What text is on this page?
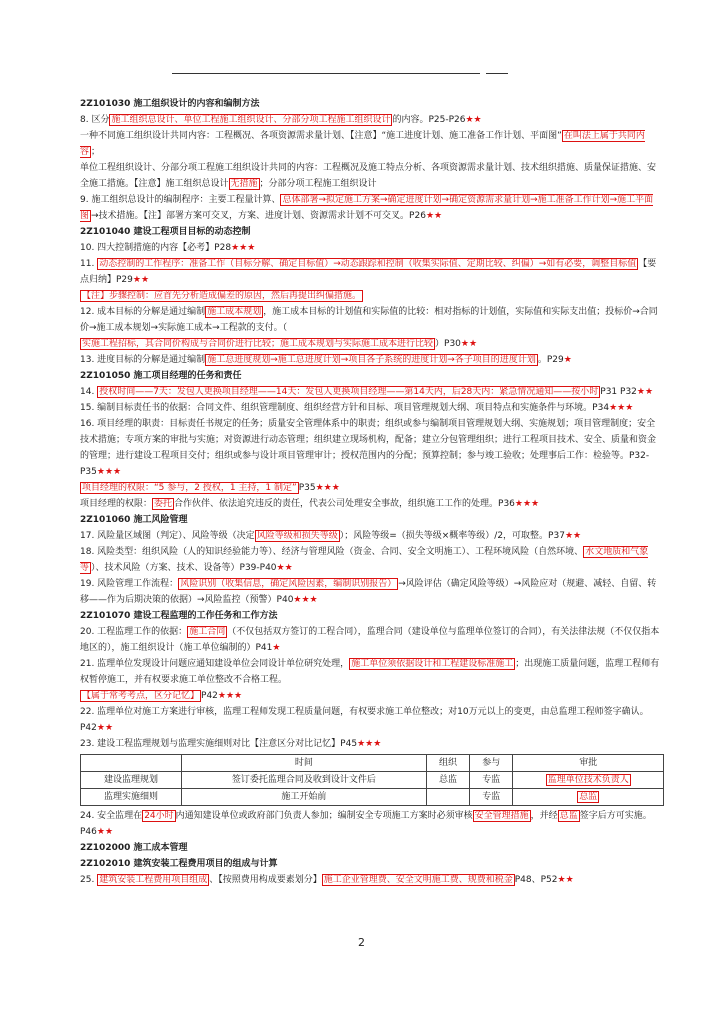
2Z101030 施工组织设计的内容和编制方法
8. 区分 施工组织总设计、单位工程施工组织设计、分部分项工程施工组织设计 的内容。P25-P26★★
一种不同施工组织设计共同内容：工程概况、各项资源需求量计划、【注意】“施工进度计划、施工准备工作计划、平面图” 在叫法上属于共同内容 ；
单位工程组织设计、分部分项工程施工组织设计共同的内容：工程概况及施工特点分析、各项资源需求量计划、技术组织措施、质量保证措施、安全施工措施。【注意】施工组织总设计 无措施 ；分部分项工程施工组织设计
9. 施工组织总设计的编制程序：主要工程量计算、 总体部署→拟定施工方案→确定进度计划→确定资源需求量计划→施工准备工作计划→施工平面图 →技术措施。【注】部署方案可交叉，方案、进度计划、资源需求计划不可交叉。P26★★
2Z101040 建设工程项目目标的动态控制
10. 四大控制措施的内容【必考】P28★★★
11. 动态控制的工作程序：准备工作（目标分解、确定目标值）→动态跟踪和控制（收集实际值、定期比较、纠偏）→如有必要，调整目标值 【要点归纳】P29★★
【注】步骤控制：应首先分析造成偏差的原因，然后再提出纠偏措施。
12. 成本目标的分解是通过编制 施工成本规划 ，施工成本目标的计划值和实际值的比较：相对指标的计划值，实际值和实际支出值；投标价→合同价→施工成本规划→实际施工成本→工程款的支付。（
实施工程招标，其合同价构成与合同价进行比较；施工成本规划与实际施工成本进行比较 ）P30★★
13. 进度目标的分解是通过编制 施工总进度规划→施工总进度计划→项目各子系统的进度计划→各子项目的进度计划 。P29★
2Z101050 施工项目经理的任务和责任
14. 授权时间——7天：发包人更换项目经理——14天：发包人更换项目经理——第14天内，后28天内：紧急情况通知——按小时 P31 P32★★
15. 编制目标责任书的依据：合同文件、组织管理制度、组织经营方针和目标、项目管理规划大纲、项目特点和实施条件与环境。P34★★★
16. 项目经理的职责：目标责任书规定的任务；质量安全管理体系中的职责；组织或参与编制项目管理规划大纲、实施规划；项目管理制度；安全技术措施；专项方案的审批与实施；对资源进行动态管理；组织建立现场机构，配备；建立分包管理组织；进行工程项目技术、安全、质量和资金的管理；进行建设工程项目交付；组织或参与设计项目管理审计；授权范围内的分配；预算控制；参与竣工验收；处理事后工作：检验等。P32-P35★★★
项目经理的权限：“5 参与，2 授权，1 主持，1 制定” P35★★★
项目经理的权限： 委托 合作伙伴、依法追究违反的责任，代表公司处理安全事故，组织施工工作的处理。P36★★★
2Z101060 施工风险管理
17. 风险量区域图（判定）、风险等级（决定 风险等级和损失等级 ）；风险等级=（损失等级×概率等级）/2，可取整。P37★★
18. 风险类型：组织风险（人的知识经验能力等）、经济与管理风险（资金、合同、安全文明施工）、工程环境风险（自然环境、 水文地质和气象等 ）、技术风险（方案、技术、设备等）P39-P40★★
19. 风险管理工作流程： 风险识别（收集信息，确定风险因素，编制识别报告） →风险评估（确定风险等级）→风险应对（规避、减轻、自留、转移——作为后期决策的依据）→风险监控（预警）P40★★★
2Z101070 建设工程监理的工作任务和工作方法
20. 工程监理工作的依据： 施工合同 （不仅包括双方签订的工程合同），监理合同（建设单位与监理单位签订的合同），有关法律法规（不仅仅指本地区的），施工组织设计（施工单位编制的）P41★
21. 监理单位发现设计问题应通知建设单位会同设计单位研究处理， 施工单位须依据设计和工程建设标准施工 ；出现施工质量问题，监理工程师有权暂停施工，并有权要求施工单位整改不合格工程。
【属于常考考点，区分记忆】 P42★★★
22. 监理单位对施工方案进行审核，监理工程师发现工程质量问题，有权要求施工单位整改；对10万元以上的变更，由总监理工程师签字确认。P42★★
23. 建设工程监理规划与监理实施细则对比【注意区分对比记忆】P45★★★
	时间	组织	参与	审批
建设监理规划	签订委托监理合同及收到设计文件后	总监	专监	监理单位技术负责人
监理实施细则	施工开始前		专监	总监
24. 安全监理在 24小时 内通知建设单位或政府部门负责人参加；编制安全专项施工方案时必须审核 安全管理措施 ，并经 总监 签字后方可实施。P46★★
2Z102000 施工成本管理
2Z102010 建筑安装工程费用项目的组成与计算
25. 建筑安装工程费用项目组成 、【按照费用构成要素划分】 施工企业管理费、安全文明施工费、规费和税金 P48、P52★★
2
